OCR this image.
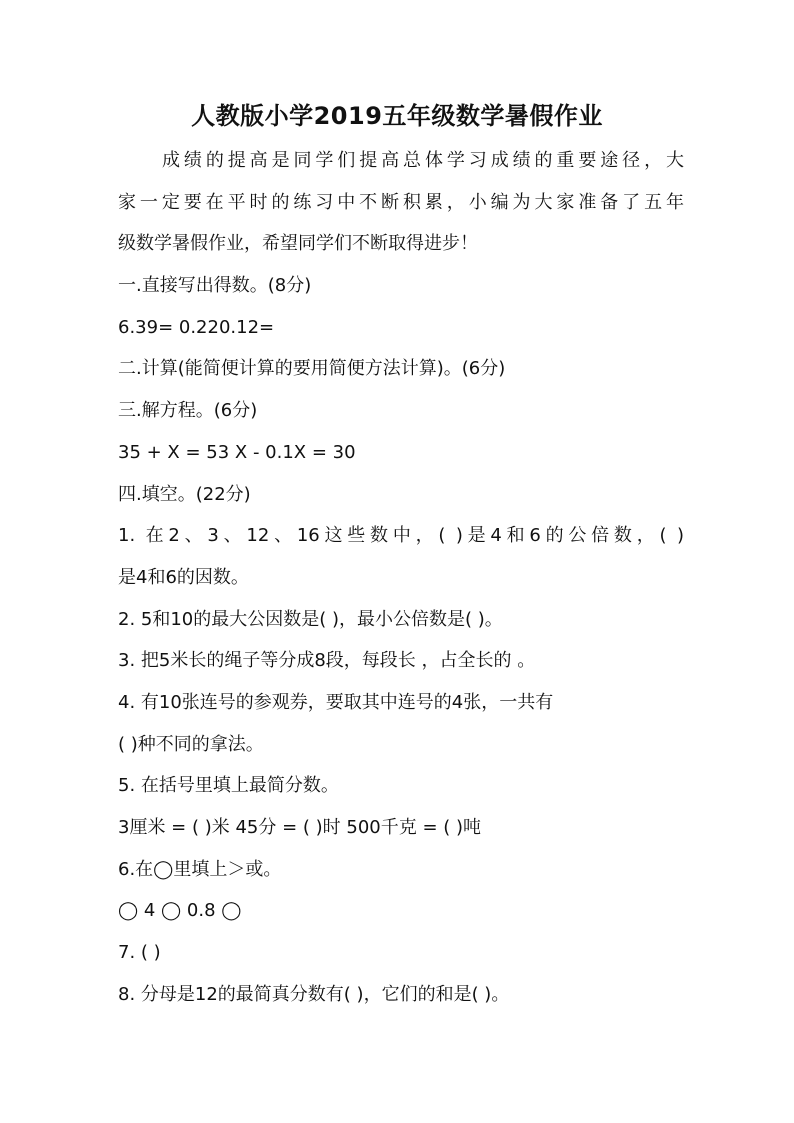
人教版小学2019五年级数学暑假作业
成绩的提高是同学们提高总体学习成绩的重要途径，大
家一定要在平时的练习中不断积累，小编为大家准备了五年
级数学暑假作业，希望同学们不断取得进步！
一.直接写出得数。(8分)
6.39= 0.220.12=
二.计算(能简便计算的要用简便方法计算)。(6分)
三.解方程。(6分)
35 + X = 53 X - 0.1X = 30
四.填空。(22分)
1. 在2、3、12、16这些数中，( )是4和6的公倍数，( )
是4和6的因数。
2. 5和10的最大公因数是( )，最小公倍数是( )。
3. 把5米长的绳子等分成8段，每段长 ，占全长的 。
4. 有10张连号的参观券，要取其中连号的4张，一共有
( )种不同的拿法。
5. 在括号里填上最简分数。
3厘米 = ( )米 45分 = ( )时 500千克 = ( )吨
6.在◯里填上＞或。
◯ 4 ◯ 0.8 ◯
7. ( )
8. 分母是12的最简真分数有( )，它们的和是( )。
